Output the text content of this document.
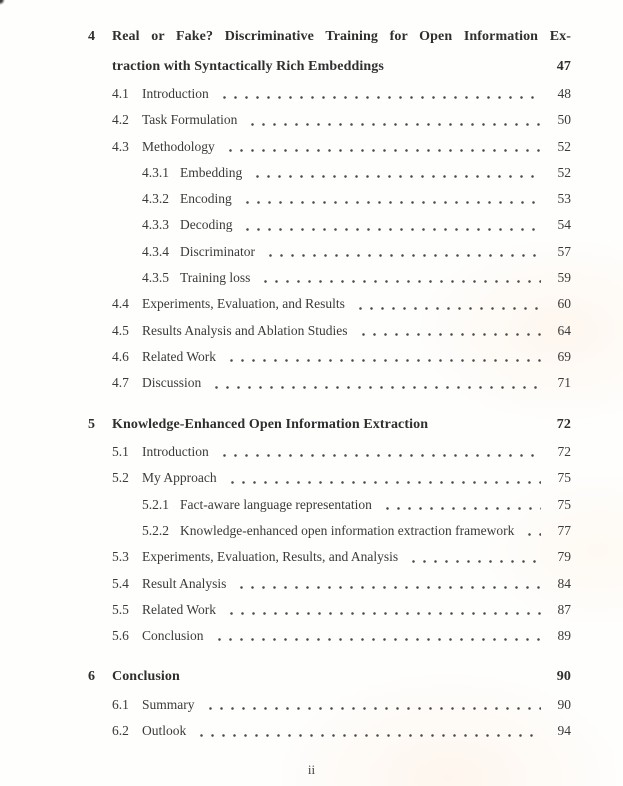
4	Real or Fake? Discriminative Training for Open Information Ex-
traction with Syntactically Rich Embeddings	47
4.1 Introduction	48
4.2 Task Formulation	50
4.3 Methodology	52
4.3.1 Embedding	52
4.3.2 Encoding	53
4.3.3 Decoding	54
4.3.4 Discriminator	57
4.3.5 Training loss	59
4.4 Experiments, Evaluation, and Results	60
4.5 Results Analysis and Ablation Studies	64
4.6 Related Work	69
4.7 Discussion	71
5	Knowledge-Enhanced Open Information Extraction	72
5.1 Introduction	72
5.2 My Approach	75
5.2.1 Fact-aware language representation	75
5.2.2 Knowledge-enhanced open information extraction framework	77
5.3 Experiments, Evaluation, Results, and Analysis	79
5.4 Result Analysis	84
5.5 Related Work	87
5.6 Conclusion	89
6	Conclusion	90
6.1 Summary	90
6.2 Outlook	94
ii
